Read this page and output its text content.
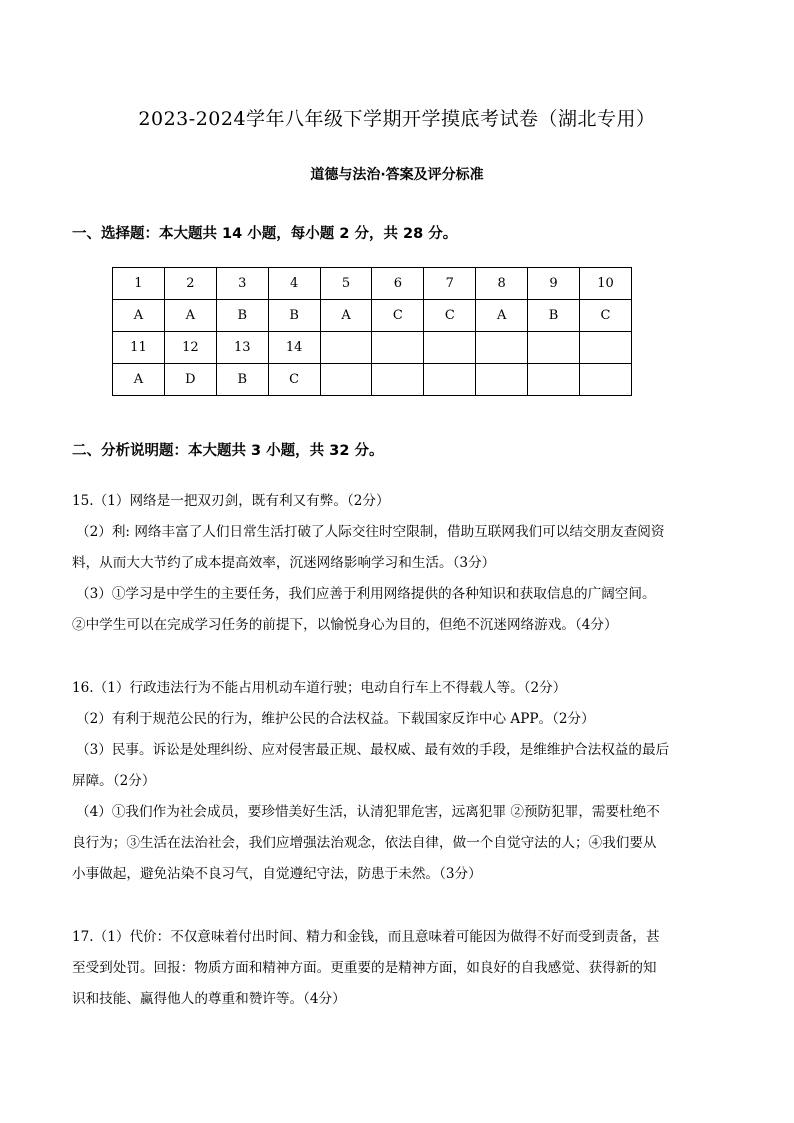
2023-2024学年八年级下学期开学摸底考试卷（湖北专用）
道德与法治·答案及评分标准
一、选择题：本大题共 14 小题，每小题 2 分，共 28 分。
1	2	3	4	5	6	7	8	9	10
A	A	B	B	A	C	C	A	B	C
11	12	13	14						
A	D	B	C						
二、分析说明题：本大题共 3 小题，共 32 分。

15.（1）网络是一把双刃剑，既有利又有弊。（2分）

（2）利: 网络丰富了人们日常生活打破了人际交往时空限制，借助互联网我们可以结交朋友查阅资

料，从而大大节约了成本提高效率，沉迷网络影响学习和生活。（3分）

（3）①学习是中学生的主要任务，我们应善于利用网络提供的各种知识和获取信息的广阔空间。

②中学生可以在完成学习任务的前提下，以愉悦身心为目的，但绝不沉迷网络游戏。（4分）

16.（1）行政违法行为不能占用机动车道行驶；电动自行车上不得载人等。（2分）

（2）有利于规范公民的行为，维护公民的合法权益。下载国家反诈中心 APP。（2分）

（3）民事。诉讼是处理纠纷、应对侵害最正规、最权威、最有效的手段，是维维护合法权益的最后

屏障。（2分）

（4）①我们作为社会成员，要珍惜美好生活，认清犯罪危害，远离犯罪 ②预防犯罪，需要杜绝不

良行为；③生活在法治社会，我们应增强法治观念，依法自律，做一个自觉守法的人；④我们要从

小事做起，避免沾染不良习气，自觉遵纪守法，防患于未然。（3分）

17.（1）代价：不仅意味着付出时间、精力和金钱，而且意味着可能因为做得不好而受到责备，甚

至受到处罚。回报：物质方面和精神方面。更重要的是精神方面，如良好的自我感觉、获得新的知

识和技能、赢得他人的尊重和赞许等。（4分）
